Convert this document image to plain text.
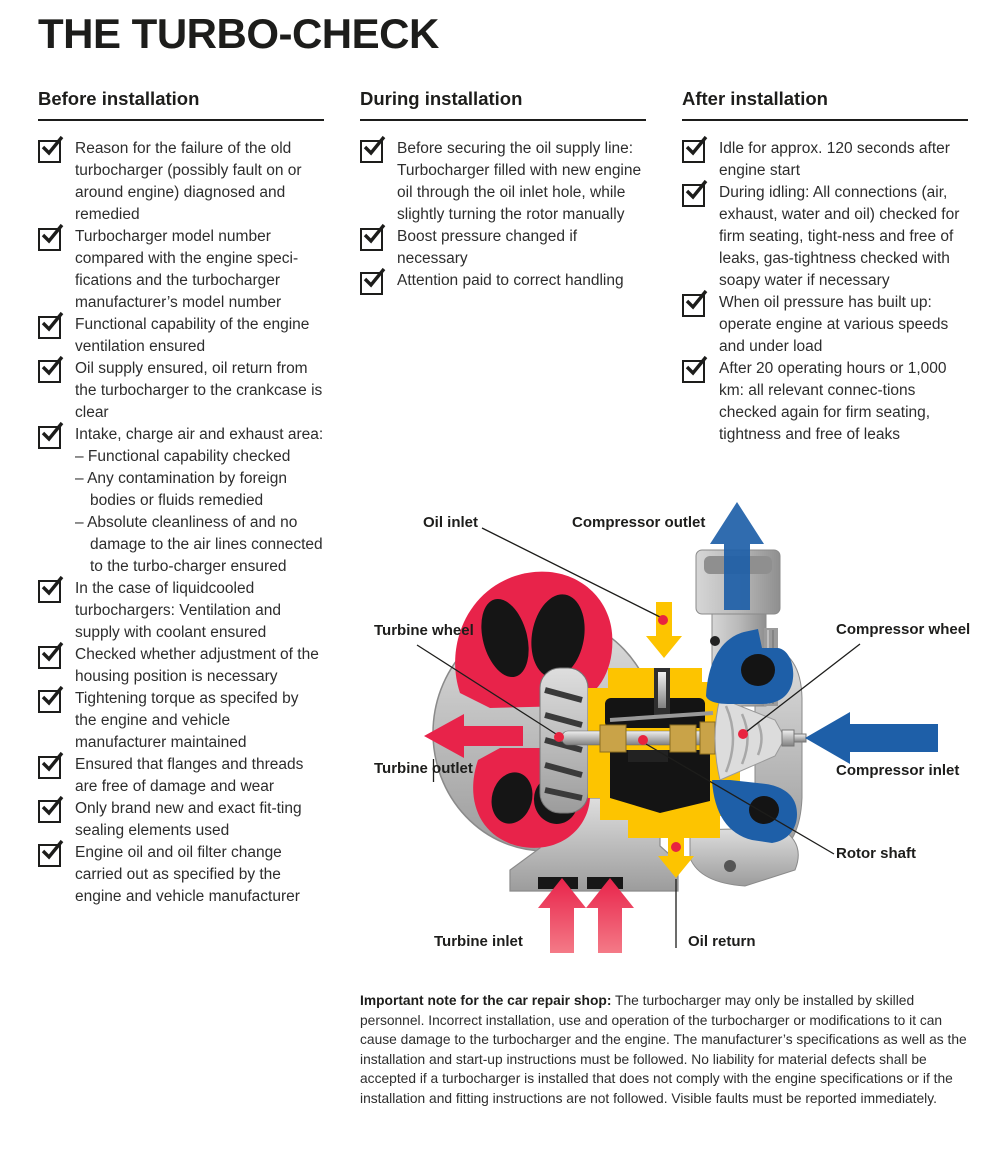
THE TURBO-CHECK
Before installation
Reason for the failure of the old turbocharger (possibly fault on or around engine) diagnosed and remedied
Turbocharger model number compared with the engine speci-fications and the turbocharger manufacturer’s model number
Functional capability of the engine ventilation ensured
Oil supply ensured, oil return from the turbocharger to the crankcase is clear
Intake, charge air and exhaust area:
– Functional capability checked
– Any contamination by foreign bodies or fluids remedied
– Absolute cleanliness of and no damage to the air lines connected to the turbo-charger ensured
In the case of liquidcooled turbochargers: Ventilation and supply with coolant ensured
Checked whether adjustment of the housing position is necessary
Tightening torque as specifed by the engine and vehicle manufacturer maintained
Ensured that flanges and threads are free of damage and wear
Only brand new and exact fit-ting sealing elements used
Engine oil and oil filter change carried out as specified by the engine and vehicle manufacturer
During installation
Before securing the oil supply line: Turbocharger filled with new engine oil through the oil inlet hole, while slightly turning the rotor manually
Boost pressure changed if necessary
Attention paid to correct handling
After installation
Idle for approx. 120 seconds after engine start
During idling: All connections (air, exhaust, water and oil) checked for firm seating, tight-ness and free of leaks, gas-tightness checked with soapy water if necessary
When oil pressure has built up: operate engine at various speeds and under load
After 20 operating hours or 1,000 km: all relevant connec-tions checked again for firm seating, tightness and free of leaks
Oil inlet	Compressor outlet
Turbine wheel	Compressor wheel
Turbine outlet	Compressor inlet
Rotor shaft
Turbine inlet	Oil return
Important note for the car repair shop: The turbocharger may only be installed by skilled personnel. Incorrect installation, use and operation of the turbocharger or modifications to it can cause damage to the turbocharger and the engine. The manufacturer’s specifications as well as the installation and start-up instructions must be followed. No liability for material defects shall be accepted if a turbocharger is installed that does not comply with the engine specifications or if the installation and fitting instructions are not followed. Visible faults must be reported immediately.
